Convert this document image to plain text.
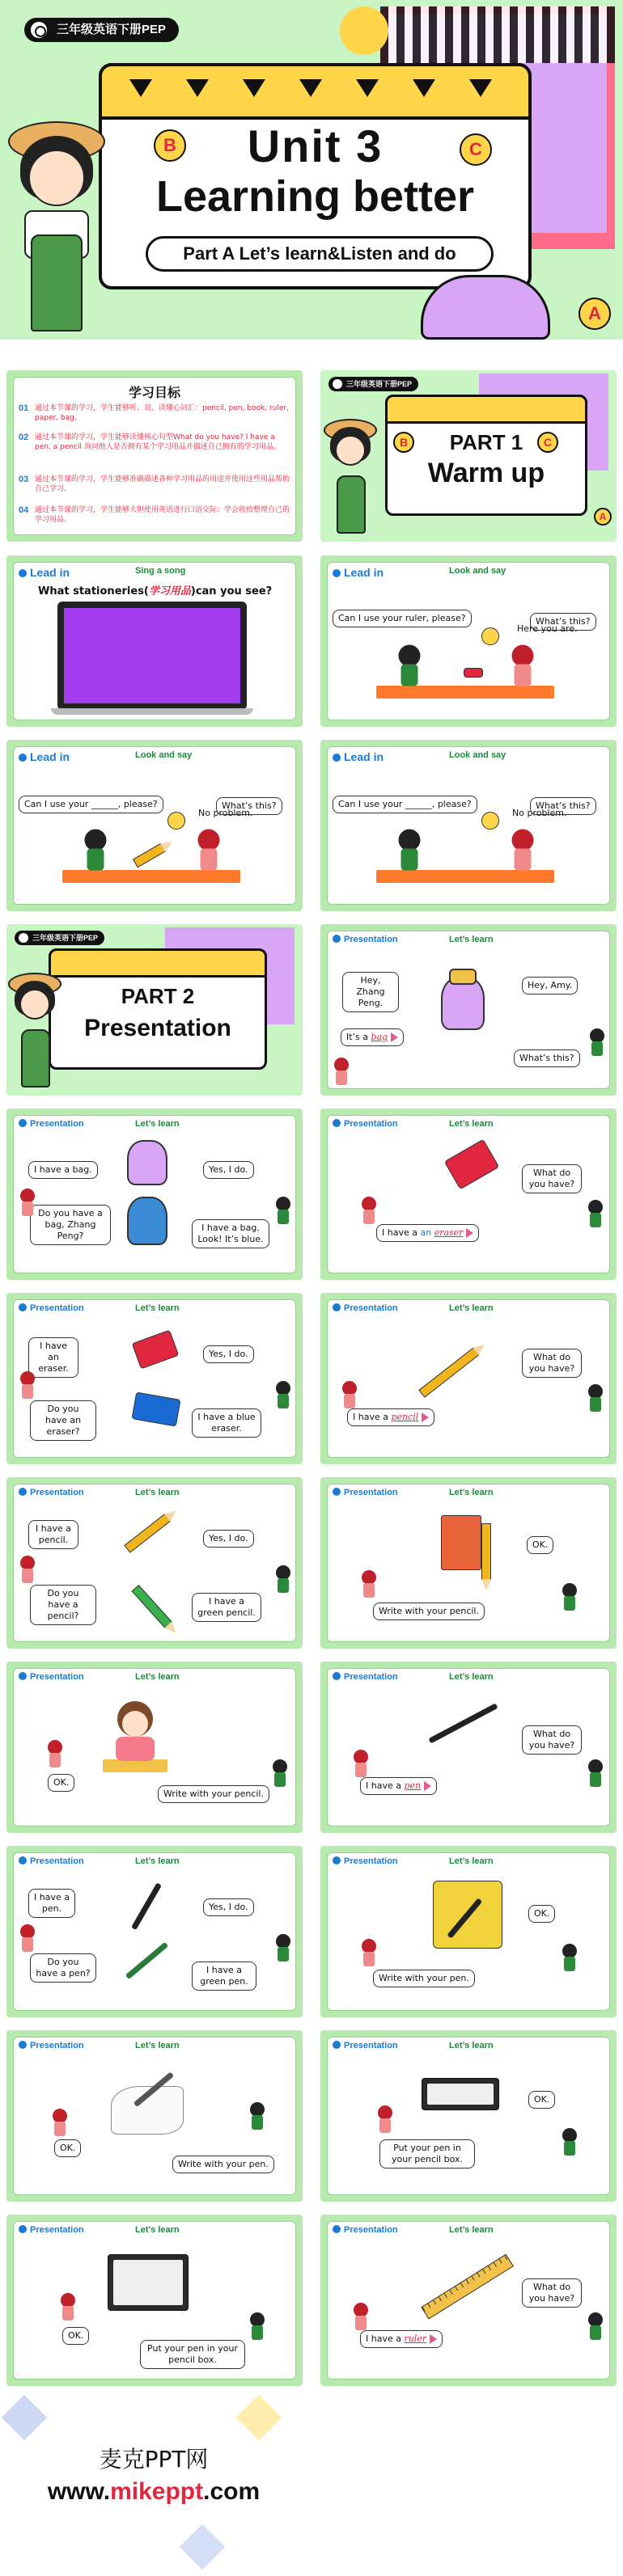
三年级英语下册PEP
Unit 3
Learning better
Part A Let’s learn&Listen and do
B	C
A
学习目标
01 通过本节课的学习，学生能够听、说、读懂心词汇：pencil, pen, book, ruler, paper, bag。
02 通过本节课的学习，学生能够读懂核心句型What do you have? I have a pen, a pencil 询问他人是否拥有某个学习用品并描述自己拥有的学习用品。
03 通过本节课的学习，学生能够准确描述各种学习用品的用途并使用这些用品帮助自己学习。
04 通过本节课的学习，学生能够大胆使用英语进行口语交际；学会收拾整理自己的学习用品。
三年级英语下册PEP
PART 1
Warm up
B	C
A
Lead in	Sing a song
What stationeries(学习用品)can you see?
Lead in	Look and say
Can I use your ruler, please?	What’s this?
Here you are.
Lead in	Look and say
Can I use your ______, please?	What’s this?
No problem.
Lead in	Look and say
Can I use your ______, please?	What’s this?
No problem.
三年级英语下册PEP
PART 2
Presentation
Presentation	Let’s learn
Hey, Zhang Peng.
Hey, Amy.
It’s a bag
What’s this?
Presentation	Let’s learn
I have a bag.
Do you have a bag, Zhang Peng?
Yes, I do.
I have a bag. Look! It’s blue.
Presentation	Let’s learn
What do you have?
I have a an eraser
Presentation	Let’s learn
I have an eraser.
Do you have an eraser?
Yes, I do.
I have a blue eraser.
Presentation	Let’s learn
What do you have?
I have a pencil
Presentation	Let’s learn
I have a pencil.
Do you have a pencil?
Yes, I do.
I have a green pencil.
Presentation	Let’s learn
OK.
Write with your pencil.
Presentation	Let’s learn
OK.
Write with your pencil.
Presentation	Let’s learn
What do you have?
I have a pen
Presentation	Let’s learn
I have a pen.
Do you have a pen?
Yes, I do.
I have a green pen.
Presentation	Let’s learn
OK.
Write with your pen.
Presentation	Let’s learn
OK.
Write with your pen.
Presentation	Let’s learn
OK.
Put your pen in your pencil box.
Presentation	Let’s learn
OK.
Put your pen in your pencil box.
Presentation	Let’s learn
What do you have?
I have a ruler
麦克PPT网
www.mikeppt.com
